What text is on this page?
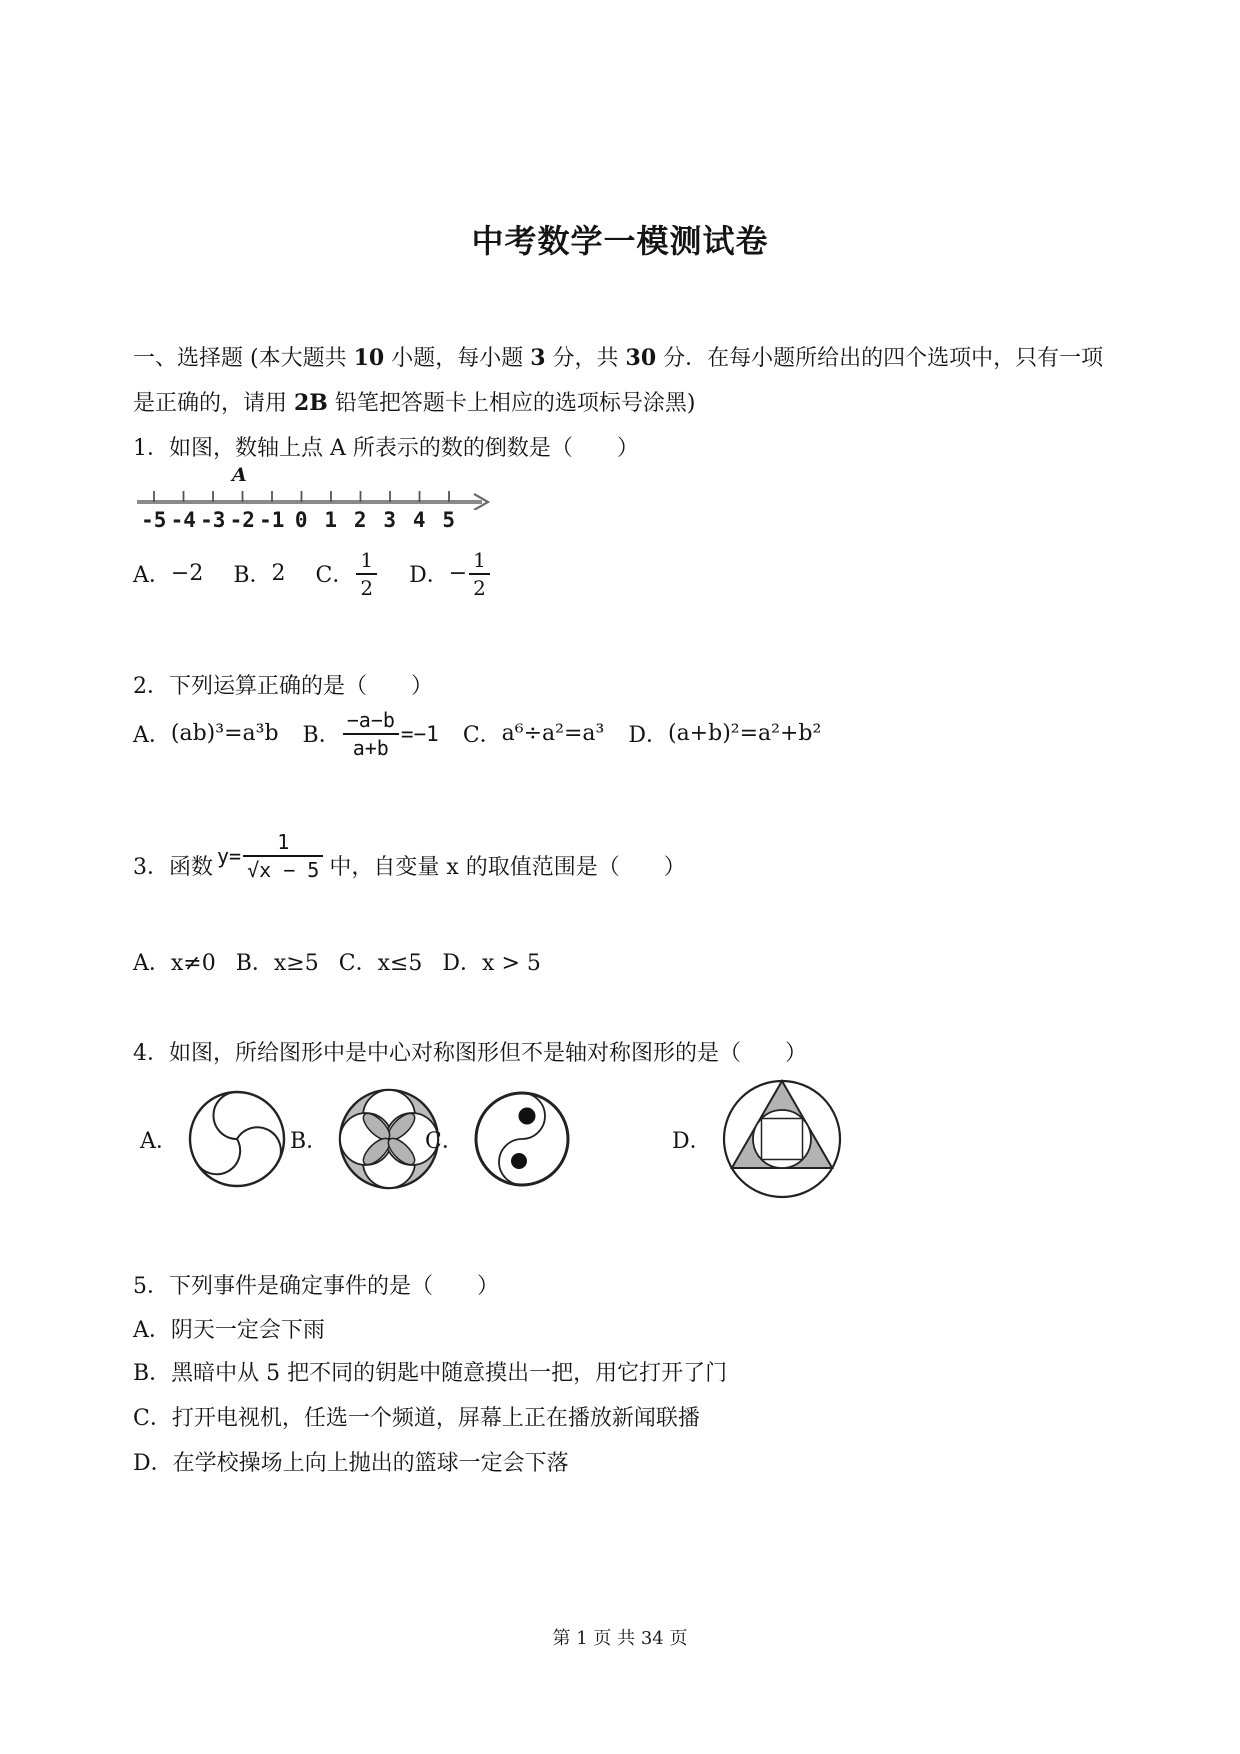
中考数学一模测试卷
一、选择题 (本大题共 10 小题，每小题 3 分，共 30 分．在每小题所给出的四个选项中，只有一项
是正确的，请用 2B 铅笔把答题卡上相应的选项标号涂黑)
1．如图，数轴上点 A 所表示的数的倒数是（　　）
A
-5 -4 -3 -2 -1 0 1 2 3 4 5
A． −2 B． 2 C． $\frac{1}{2}$ D． − $\frac{1}{2}$
2．下列运算正确的是（　　）
A． (ab)³=a³b B． $\frac{-a-b}{a+b} =-1$ C． a⁶÷a²=a³ D． (a+b)²=a²+b²
3．函数 $y= \frac{1}{√x - 5}$ 中，自变量 x 的取值范围是（　　）
A．x≠0 B．x≥5 C．x≤5 D．x > 5
4．如图，所给图形中是中心对称图形但不是轴对称图形的是（　　）
A．	B．	C．	D．
5．下列事件是确定事件的是（　　）
A．阴天一定会下雨
B．黑暗中从 5 把不同的钥匙中随意摸出一把，用它打开了门
C．打开电视机，任选一个频道，屏幕上正在播放新闻联播
D．在学校操场上向上抛出的篮球一定会下落
第 1 页 共 34 页
